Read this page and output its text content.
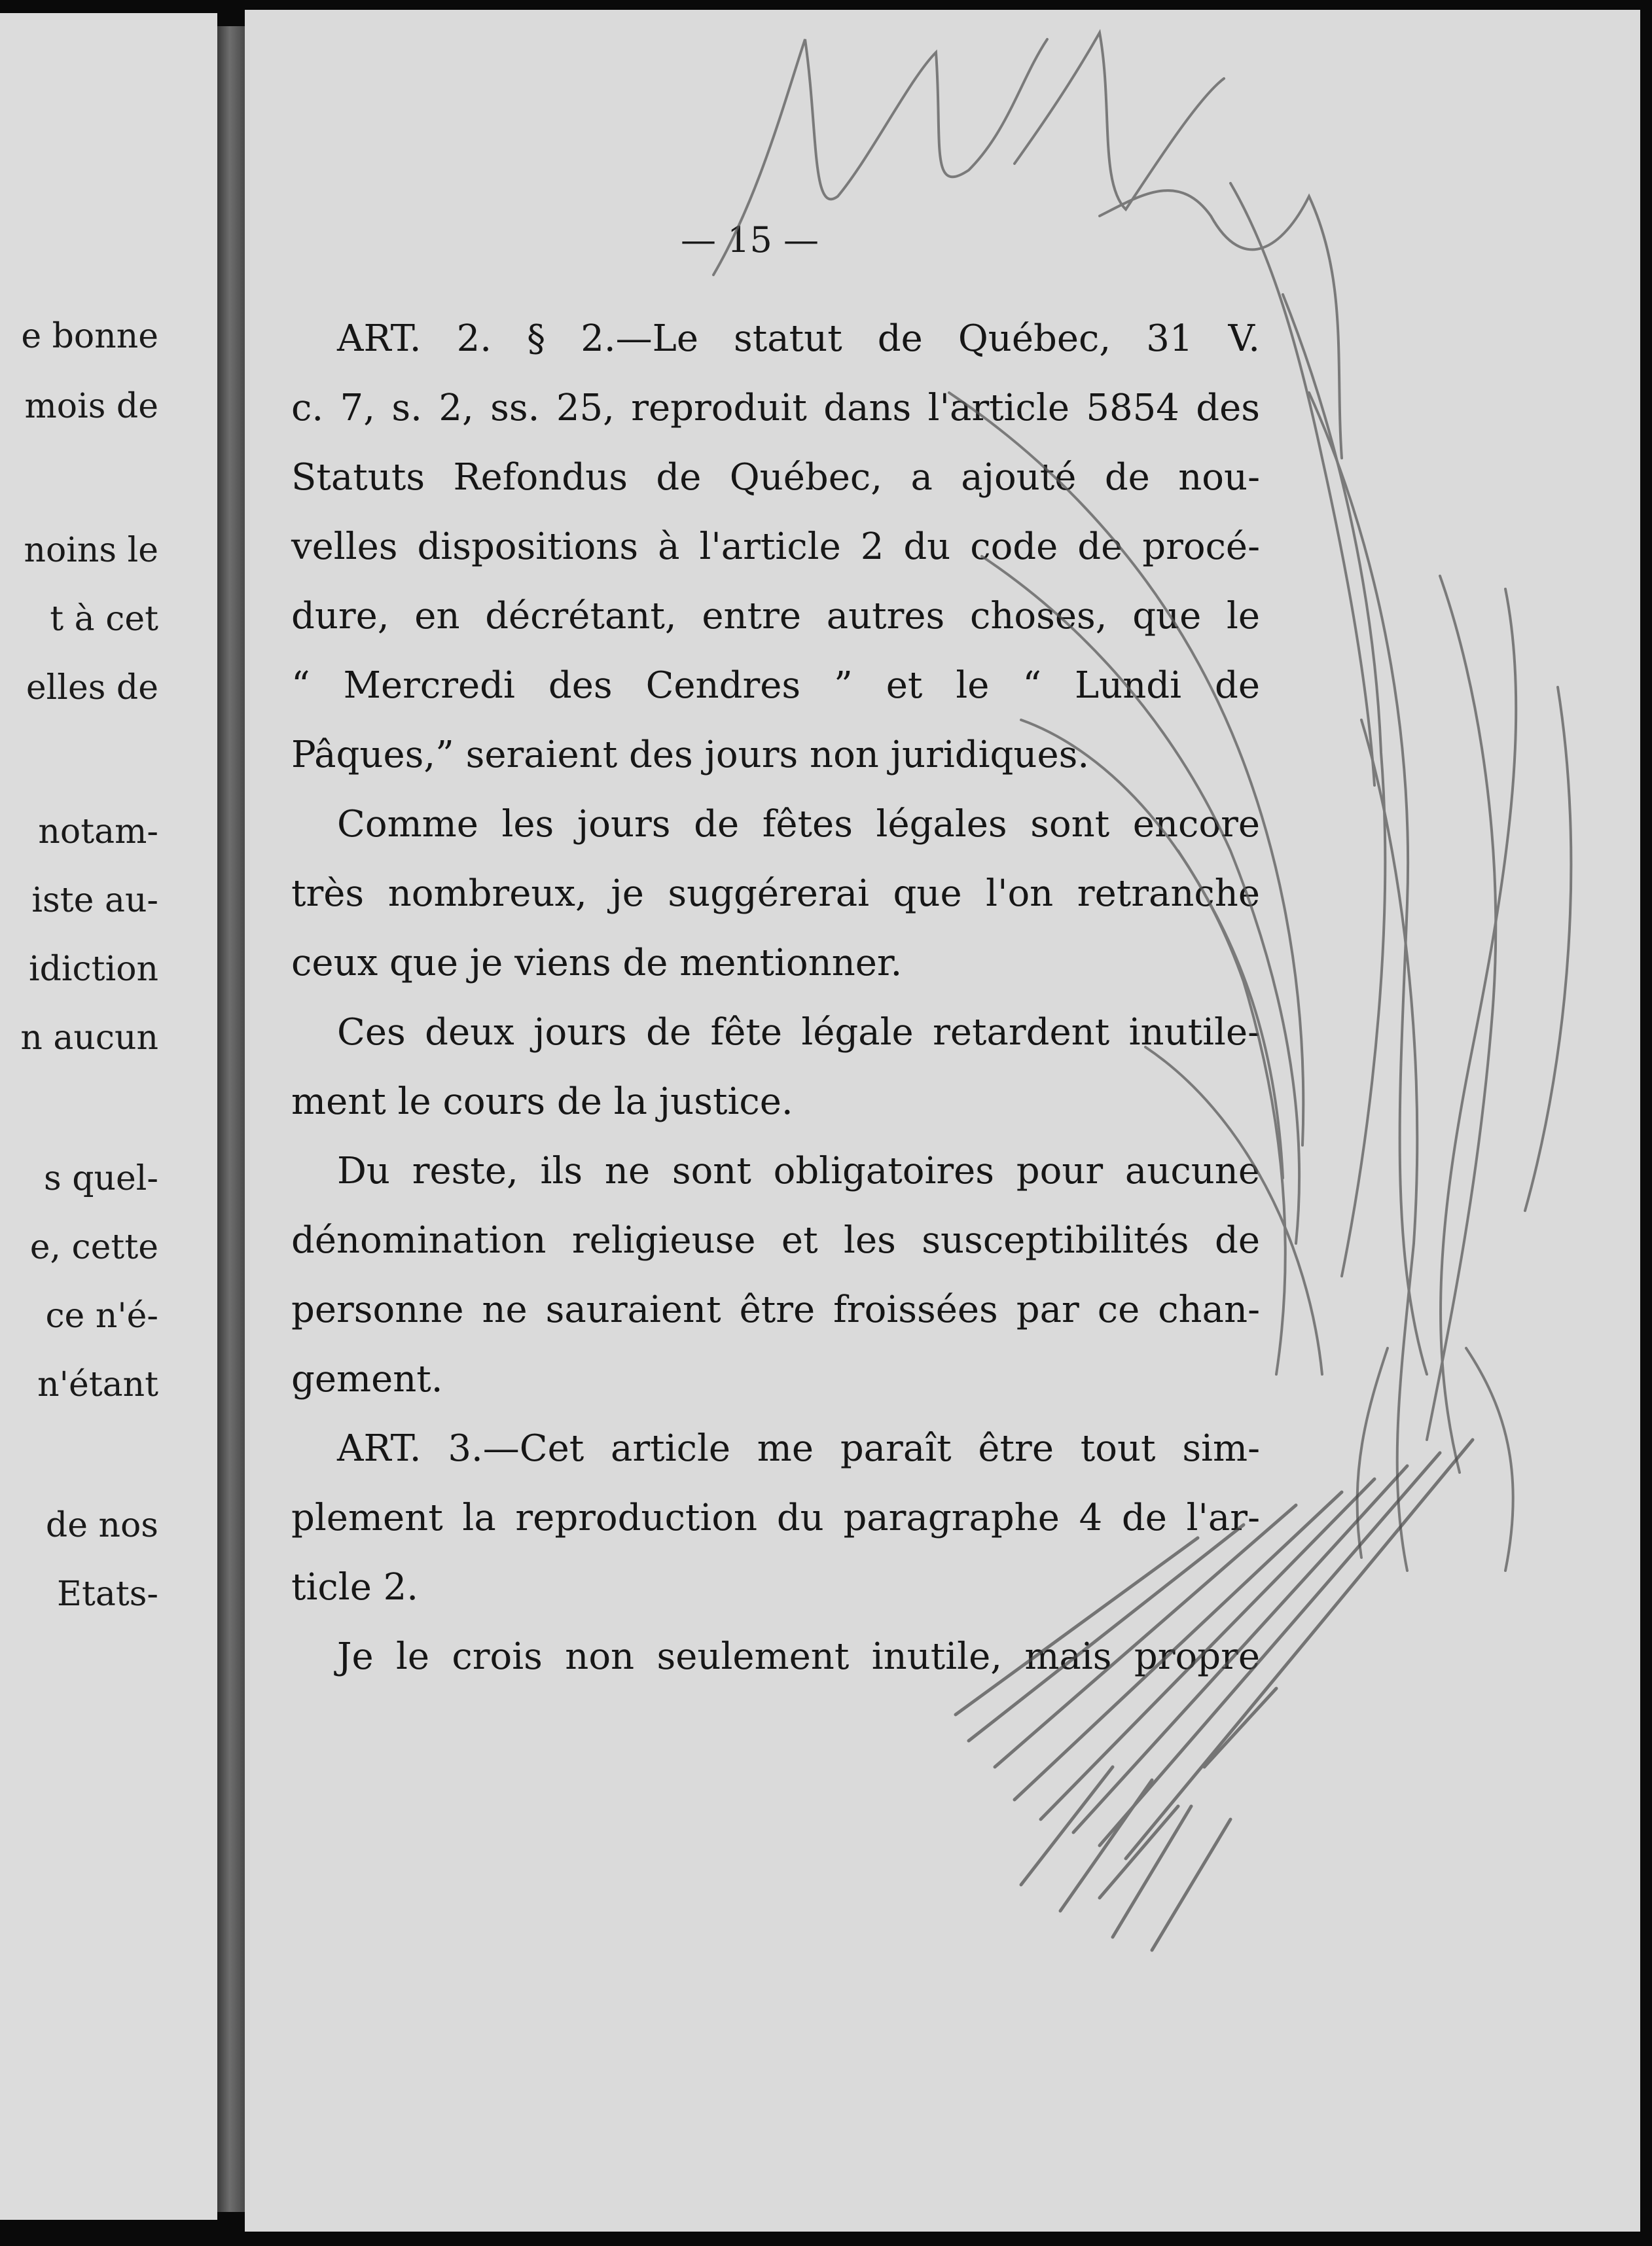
e bonne
mois de
noins le
t à cet
elles de
notam-
iste au-
idiction
n aucun
s quel-
e, cette
ce n'é-
n'étant
de nos
Etats-
— 15 —

ART. 2. § 2.—Le statut de Québec, 31 V.
c. 7, s. 2, ss. 25, reproduit dans l'article 5854 des
Statuts Refondus de Québec, a ajouté de nou-
velles dispositions à l'article 2 du code de procé-
dure, en décrétant, entre autres choses, que le
“ Mercredi des Cendres ” et le “ Lundi de
Pâques,” seraient des jours non juridiques.

Comme les jours de fêtes légales sont encore
très nombreux, je suggérerai que l'on retranche
ceux que je viens de mentionner.

Ces deux jours de fête légale retardent inutile-
ment le cours de la justice.

Du reste, ils ne sont obligatoires pour aucune
dénomination religieuse et les susceptibilités de
personne ne sauraient être froissées par ce chan-
gement.

ART. 3.—Cet article me paraît être tout sim-
plement la reproduction du paragraphe 4 de l'ar-
ticle 2.

Je le crois non seulement inutile, mais propre
